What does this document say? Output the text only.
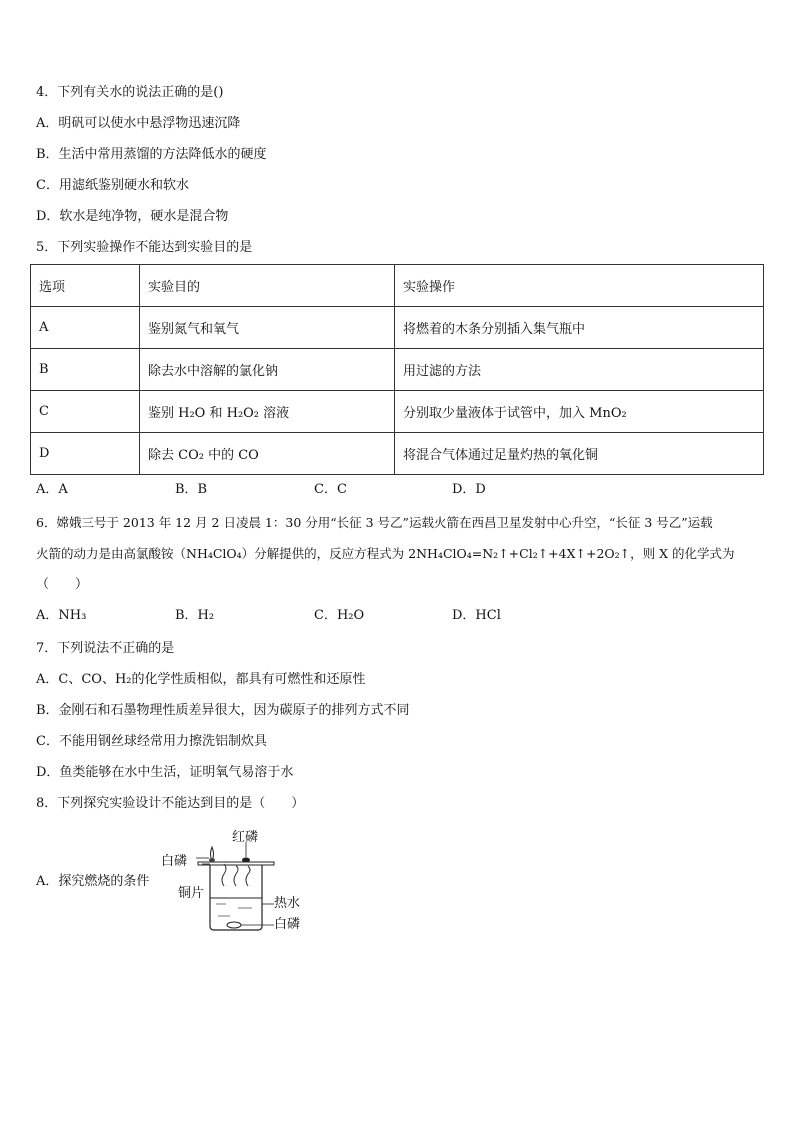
4．下列有关水的说法正确的是()
A．明矾可以使水中悬浮物迅速沉降
B．生活中常用蒸馏的方法降低水的硬度
C．用滤纸鉴别硬水和软水
D．软水是纯净物，硬水是混合物
5．下列实验操作不能达到实验目的是
选项	实验目的	实验操作
A	鉴别氮气和氧气	将燃着的木条分别插入集气瓶中
B	除去水中溶解的氯化钠	用过滤的方法
C	鉴别 H₂O 和 H₂O₂ 溶液	分别取少量液体于试管中，加入 MnO₂
D	除去 CO₂ 中的 CO	将混合气体通过足量灼热的氧化铜
A．A	B．B	C．C	D．D
6．嫦娥三号于 2013 年 12 月 2 日凌晨 1：30 分用“长征 3 号乙”运载火箭在西昌卫星发射中心升空，“长征 3 号乙”运载
火箭的动力是由高氯酸铵（NH₄ClO₄）分解提供的，反应方程式为 2NH₄ClO₄=N₂↑+Cl₂↑+4X↑+2O₂↑，则 X 的化学式为
（　　）
A．NH₃	B．H₂	C．H₂O	D．HCl
7．下列说法不正确的是
A．C、CO、H₂的化学性质相似，都具有可燃性和还原性
B．金刚石和石墨物理性质差异很大，因为碳原子的排列方式不同
C．不能用钢丝球经常用力擦洗铝制炊具
D．鱼类能够在水中生活，证明氧气易溶于水
8．下列探究实验设计不能达到目的是（　　）
A．探究燃烧的条件
红磷
白磷
铜片
热水
白磷
